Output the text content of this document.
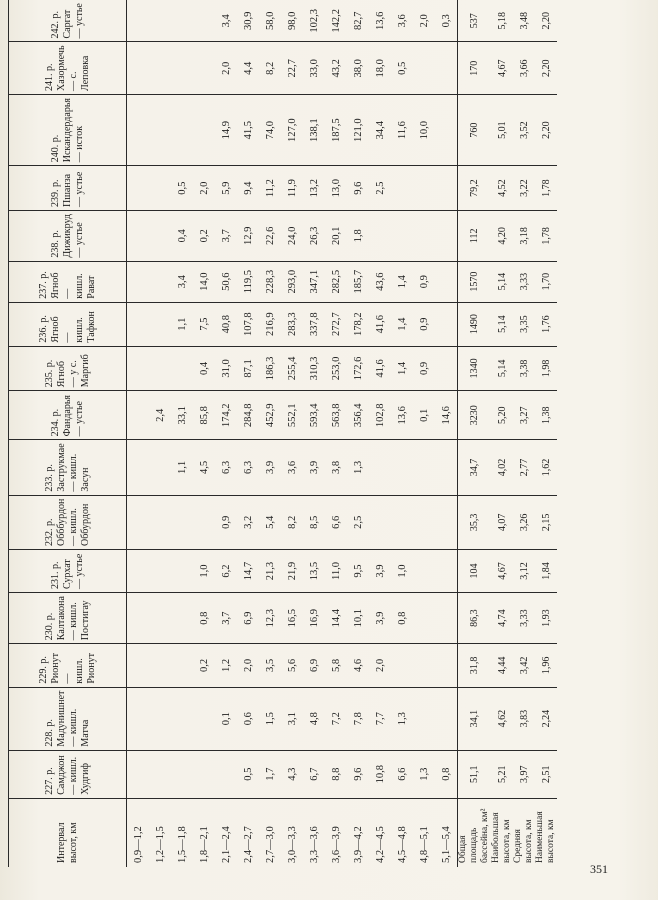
Интервал высот, км	227. р. Самджон — кишл. Худгиф	228. р. Мадунишнет — кишл. Матча	229. р. Рионут — кишл. Рионут	230. р. Калтакона — кишл. Постигау	231. р. Сурхат — устье	232. р. Обббурдон — кишл. Оббурдон	233. р. Заструкмае — кишл. Засун	234. р. Фандарья — устье	235. р. Ягноб — у с. Маргиб	236. р. Ягноб — кишл. Тафкон	237. р. Ягноб — кишл. Рават	238. р. Дижикруд — устье	239. р. Пшанза — устье	240. р. Искандердарья — исток	241. р. Хазормечь — с. Леповка	242. р. Саргат — устье
0,9—1,2																
1,2—1,5								2,4								
1,5—1,8							1,1	33,1		1,1	3,4	0,4	0,5			
1,8—2,1			0,2	0,8	1,0		4,5	85,8	0,4	7,5	14,0	0,2	2,0			
2,1—2,4		0,1	1,2	3,7	6,2	0,9	6,3	174,2	31,0	40,8	50,6	3,7	5,9	14,9	2,0	3,4
2,4—2,7	0,5	0,6	2,0	6,9	14,7	3,2	6,3	284,8	87,1	107,8	119,5	12,9	9,4	41,5	4,4	30,9
2,7—3,0	1,7	1,5	3,5	12,3	21,3	5,4	3,9	452,9	186,3	216,9	228,3	22,6	11,2	74,0	8,2	58,0
3,0—3,3	4,3	3,1	5,6	16,5	21,9	8,2	3,6	552,1	255,4	283,3	293,0	24,0	11,9	127,0	22,7	98,0
3,3—3,6	6,7	4,8	6,9	16,9	13,5	8,5	3,9	593,4	310,3	337,8	347,1	26,3	13,2	138,1	33,0	102,3
3,6—3,9	8,8	7,2	5,8	14,4	11,0	6,6	3,8	563,8	253,0	272,7	282,5	20,1	13,0	187,5	43,2	142,2
3,9—4,2	9,6	7,8	4,6	10,1	9,5	2,5	1,3	356,4	172,6	178,2	185,7	1,8	9,6	121,0	38,0	82,7
4,2—4,5	10,8	7,7	2,0	3,9	3,9			102,8	41,6	41,6	43,6		2,5	34,4	18,0	13,6
4,5—4,8	6,6	1,3		0,8	1,0			13,6	1,4	1,4	1,4			11,6	0,5	3,6
4,8—5,1	1,3							0,1	0,9	0,9	0,9			10,0		2,0
5,1—5,4	0,8							14,6								0,3
Общая площадь бассейна, км²	51,1	34,1	31,8	86,3	104	35,3	34,7	3230	1340	1490	1570	112	79,2	760	170	537
Наибольшая высота, км	5,21	4,62	4,44	4,74	4,67	4,07	4,02	5,20	5,14	5,14	5,14	4,20	4,52	5,01	4,67	5,18
Средняя высота, км	3,97	3,83	3,42	3,33	3,12	3,26	2,77	3,27	3,38	3,35	3,33	3,18	3,22	3,52	3,66	3,48
Наименьшая высота, км	2,51	2,24	1,96	1,93	1,84	2,15	1,62	1,38	1,98	1,76	1,70	1,78	1,78	2,20	2,20	2,20
351
